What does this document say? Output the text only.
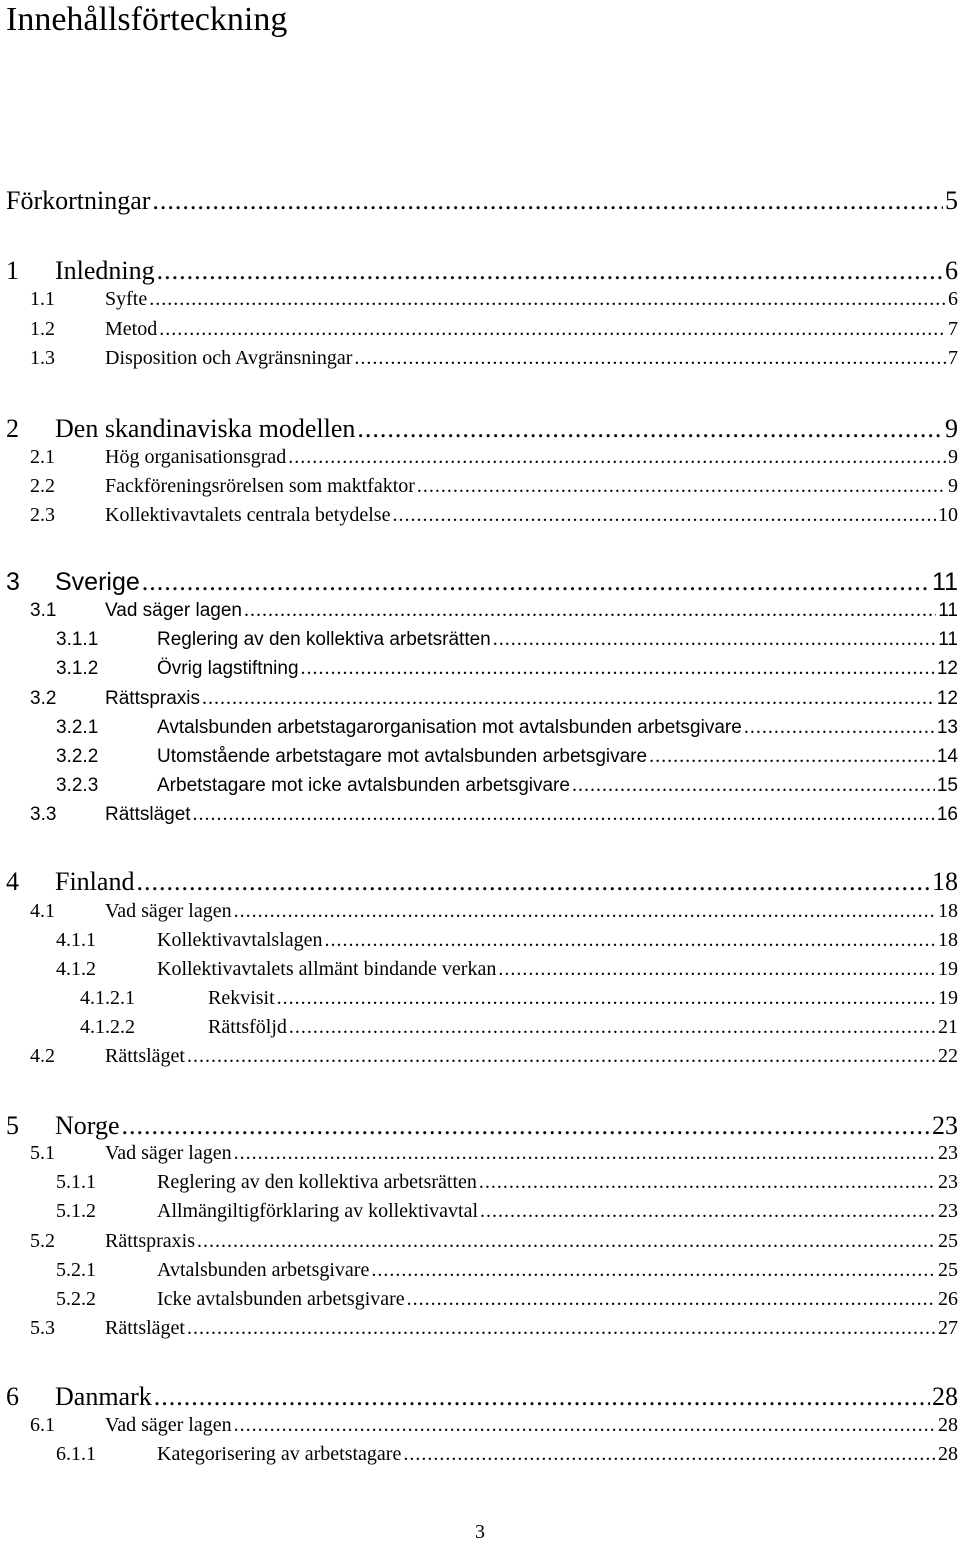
Innehållsförteckning
Förkortningar .....	5
1	Inledning .....	6
1.1	Syfte .....	6
1.2	Metod .....	7
1.3	Disposition och Avgränsningar .....	7
2	Den skandinaviska modellen .....	9
2.1	Hög organisationsgrad .....	9
2.2	Fackföreningsrörelsen som maktfaktor .....	9
2.3	Kollektivavtalets centrala betydelse .....	10
3	Sverige .....	11
3.1	Vad säger lagen .....	11
3.1.1	Reglering av den kollektiva arbetsrätten .....	11
3.1.2	Övrig lagstiftning .....	12
3.2	Rättspraxis .....	12
3.2.1	Avtalsbunden arbetstagarorganisation mot avtalsbunden arbetsgivare .....	13
3.2.2	Utomstående arbetstagare mot avtalsbunden arbetsgivare .....	14
3.2.3	Arbetstagare mot icke avtalsbunden arbetsgivare .....	15
3.3	Rättsläget .....	16
4	Finland .....	18
4.1	Vad säger lagen .....	18
4.1.1	Kollektivavtalslagen .....	18
4.1.2	Kollektivavtalets allmänt bindande verkan .....	19
4.1.2.1	Rekvisit .....	19
4.1.2.2	Rättsföljd .....	21
4.2	Rättsläget .....	22
5	Norge .....	23
5.1	Vad säger lagen .....	23
5.1.1	Reglering av den kollektiva arbetsrätten .....	23
5.1.2	Allmängiltigförklaring av kollektivavtal .....	23
5.2	Rättspraxis .....	25
5.2.1	Avtalsbunden arbetsgivare .....	25
5.2.2	Icke avtalsbunden arbetsgivare .....	26
5.3	Rättsläget .....	27
6	Danmark .....	28
6.1	Vad säger lagen .....	28
6.1.1	Kategorisering av arbetstagare .....	28
3
